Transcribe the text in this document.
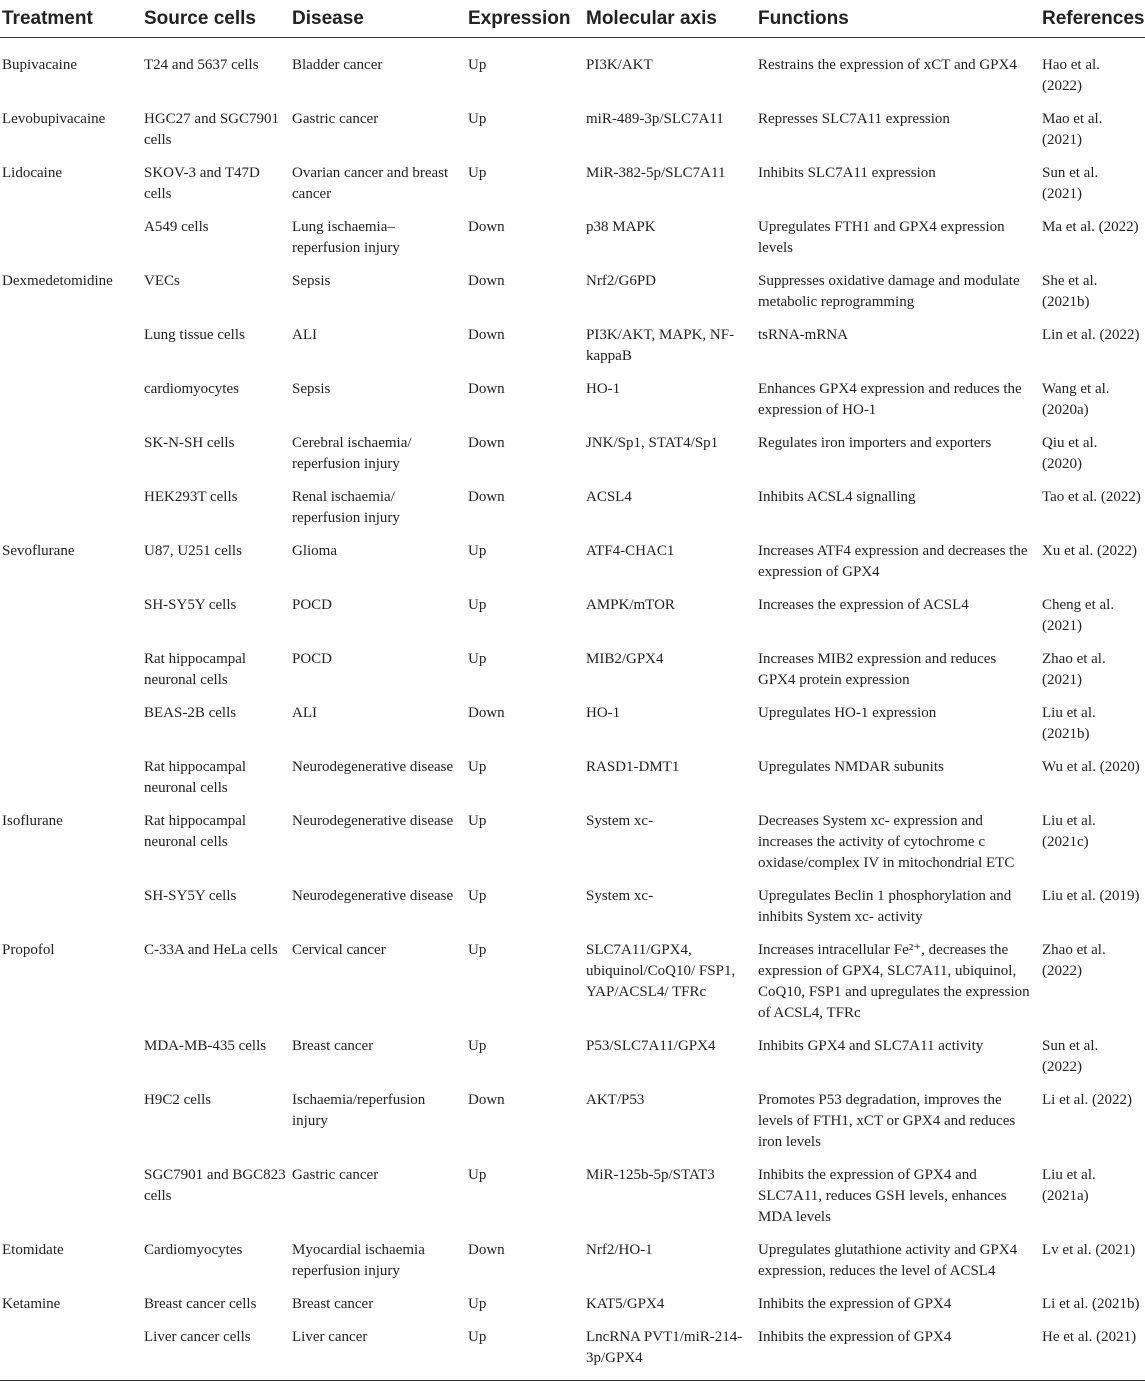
Treatment	Source cells	Disease	Expression	Molecular axis	Functions	References
Bupivacaine	T24 and 5637 cells	Bladder cancer	Up	PI3K/AKT	Restrains the expression of xCT and GPX4	Hao et al. (2022)
Levobupivacaine	HGC27 and SGC7901 cells	Gastric cancer	Up	miR-489-3p/SLC7A11	Represses SLC7A11 expression	Mao et al. (2021)
Lidocaine	SKOV-3 and T47D cells	Ovarian cancer and breast cancer	Up	MiR-382-5p/SLC7A11	Inhibits SLC7A11 expression	Sun et al. (2021)
	A549 cells	Lung ischaemia–reperfusion injury	Down	p38 MAPK	Upregulates FTH1 and GPX4 expression levels	Ma et al. (2022)
Dexmedetomidine	VECs	Sepsis	Down	Nrf2/G6PD	Suppresses oxidative damage and modulate metabolic reprogramming	She et al. (2021b)
	Lung tissue cells	ALI	Down	PI3K/AKT, MAPK, NF-kappaB	tsRNA-mRNA	Lin et al. (2022)
	cardiomyocytes	Sepsis	Down	HO-1	Enhances GPX4 expression and reduces the expression of HO-1	Wang et al. (2020a)
	SK-N-SH cells	Cerebral ischaemia/ reperfusion injury	Down	JNK/Sp1, STAT4/Sp1	Regulates iron importers and exporters	Qiu et al. (2020)
	HEK293T cells	Renal ischaemia/ reperfusion injury	Down	ACSL4	Inhibits ACSL4 signalling	Tao et al. (2022)
Sevoflurane	U87, U251 cells	Glioma	Up	ATF4-CHAC1	Increases ATF4 expression and decreases the expression of GPX4	Xu et al. (2022)
	SH-SY5Y cells	POCD	Up	AMPK/mTOR	Increases the expression of ACSL4	Cheng et al. (2021)
	Rat hippocampal neuronal cells	POCD	Up	MIB2/GPX4	Increases MIB2 expression and reduces GPX4 protein expression	Zhao et al. (2021)
	BEAS-2B cells	ALI	Down	HO-1	Upregulates HO-1 expression	Liu et al. (2021b)
	Rat hippocampal neuronal cells	Neurodegenerative disease	Up	RASD1-DMT1	Upregulates NMDAR subunits	Wu et al. (2020)
Isoflurane	Rat hippocampal neuronal cells	Neurodegenerative disease	Up	System xc-	Decreases System xc- expression and increases the activity of cytochrome c oxidase/complex IV in mitochondrial ETC	Liu et al. (2021c)
	SH-SY5Y cells	Neurodegenerative disease	Up	System xc-	Upregulates Beclin 1 phosphorylation and inhibits System xc- activity	Liu et al. (2019)
Propofol	C-33A and HeLa cells	Cervical cancer	Up	SLC7A11/GPX4, ubiquinol/CoQ10/ FSP1, YAP/ACSL4/ TFRc	Increases intracellular Fe²⁺, decreases the expression of GPX4, SLC7A11, ubiquinol, CoQ10, FSP1 and upregulates the expression of ACSL4, TFRc	Zhao et al. (2022)
	MDA-MB-435 cells	Breast cancer	Up	P53/SLC7A11/GPX4	Inhibits GPX4 and SLC7A11 activity	Sun et al. (2022)
	H9C2 cells	Ischaemia/reperfusion injury	Down	AKT/P53	Promotes P53 degradation, improves the levels of FTH1, xCT or GPX4 and reduces iron levels	Li et al. (2022)
	SGC7901 and BGC823 cells	Gastric cancer	Up	MiR-125b-5p/STAT3	Inhibits the expression of GPX4 and SLC7A11, reduces GSH levels, enhances MDA levels	Liu et al. (2021a)
Etomidate	Cardiomyocytes	Myocardial ischaemia reperfusion injury	Down	Nrf2/HO-1	Upregulates glutathione activity and GPX4 expression, reduces the level of ACSL4	Lv et al. (2021)
Ketamine	Breast cancer cells	Breast cancer	Up	KAT5/GPX4	Inhibits the expression of GPX4	Li et al. (2021b)
	Liver cancer cells	Liver cancer	Up	LncRNA PVT1/miR-214-3p/GPX4	Inhibits the expression of GPX4	He et al. (2021)
